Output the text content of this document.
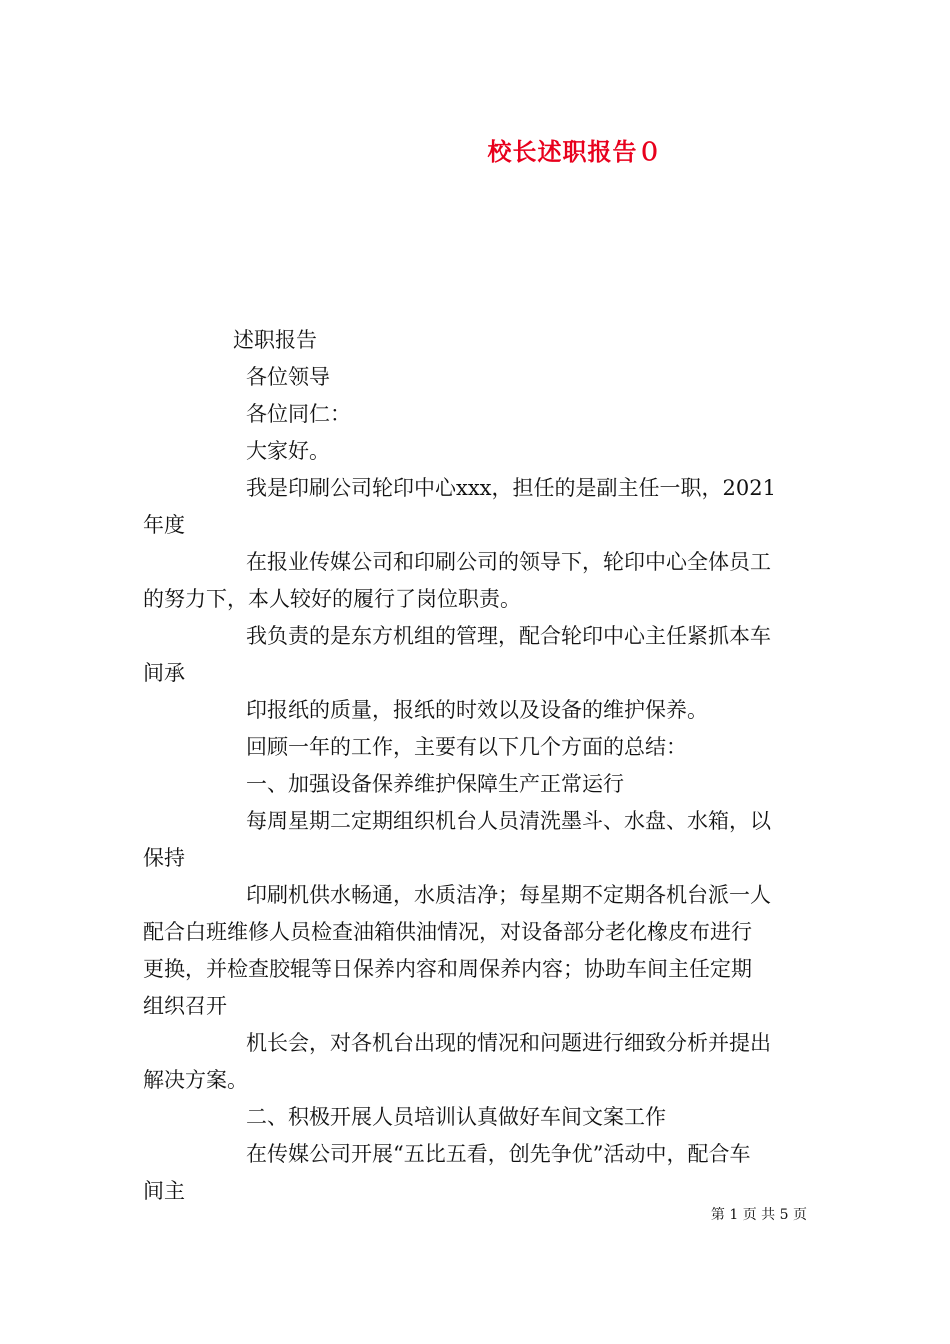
校长述职报告０
述职报告
各位领导
各位同仁：
大家好。
我是印刷公司轮印中心xxx，担任的是副主任一职，2021
年度
在报业传媒公司和印刷公司的领导下，轮印中心全体员工
的努力下，本人较好的履行了岗位职责。
我负责的是东方机组的管理，配合轮印中心主任紧抓本车
间承
印报纸的质量，报纸的时效以及设备的维护保养。
回顾一年的工作，主要有以下几个方面的总结：
一、加强设备保养维护保障生产正常运行
每周星期二定期组织机台人员清洗墨斗、水盘、水箱，以
保持
印刷机供水畅通，水质洁净；每星期不定期各机台派一人
配合白班维修人员检查油箱供油情况，对设备部分老化橡皮布进行
更换，并检查胶辊等日保养内容和周保养内容；协助车间主任定期
组织召开
机长会，对各机台出现的情况和问题进行细致分析并提出
解决方案。
二、积极开展人员培训认真做好车间文案工作
在传媒公司开展“五比五看，创先争优”活动中，配合车
间主
第 1 页 共 5 页
